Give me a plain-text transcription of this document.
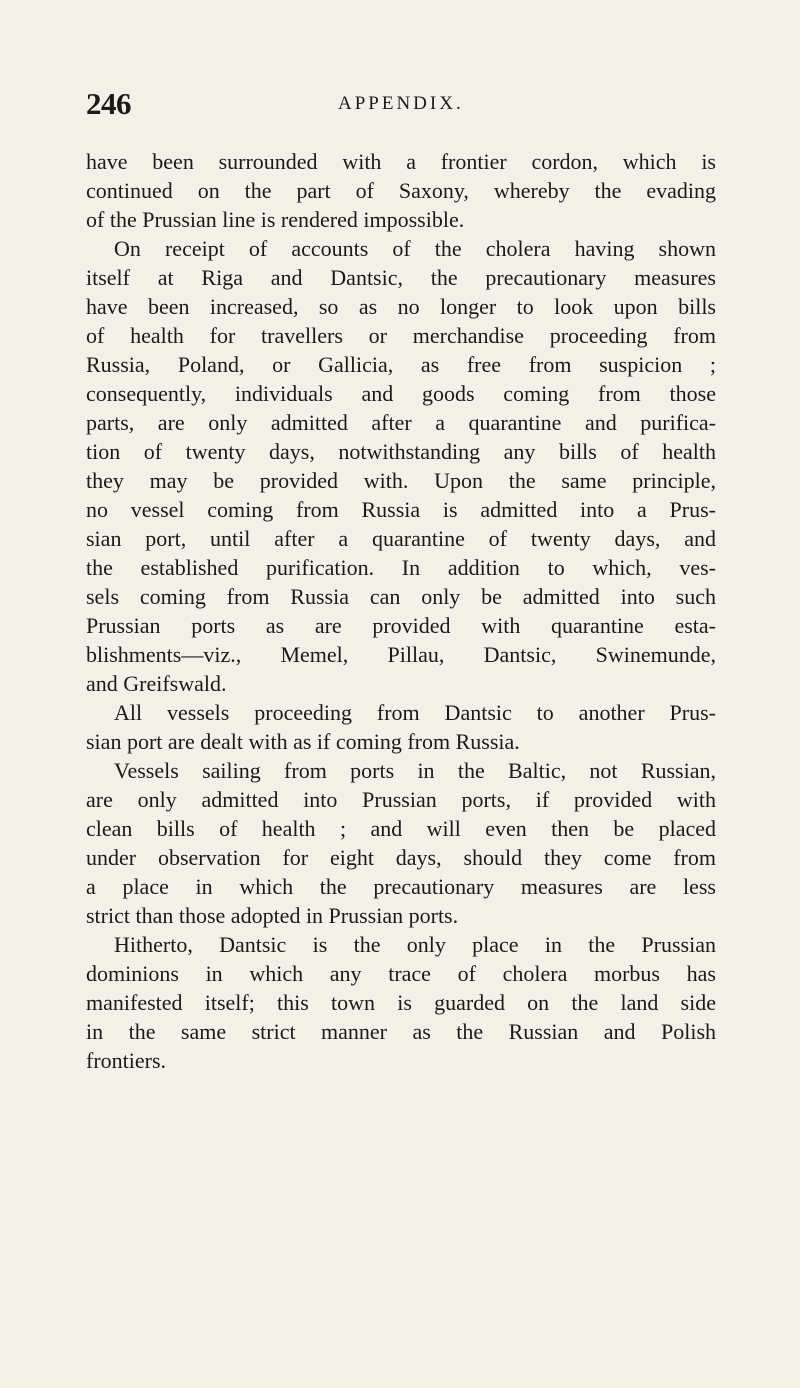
246	APPENDIX.
have been surrounded with a frontier cordon, which is
continued on the part of Saxony, whereby the evading
of the Prussian line is rendered impossible.
On receipt of accounts of the cholera having shown
itself at Riga and Dantsic, the precautionary measures
have been increased, so as no longer to look upon bills
of health for travellers or merchandise proceeding from
Russia, Poland, or Gallicia, as free from suspicion ;
consequently, individuals and goods coming from those
parts, are only admitted after a quarantine and purifica-
tion of twenty days, notwithstanding any bills of health
they may be provided with. Upon the same principle,
no vessel coming from Russia is admitted into a Prus-
sian port, until after a quarantine of twenty days, and
the established purification. In addition to which, ves-
sels coming from Russia can only be admitted into such
Prussian ports as are provided with quarantine esta-
blishments—viz., Memel, Pillau, Dantsic, Swinemunde,
and Greifswald.
All vessels proceeding from Dantsic to another Prus-
sian port are dealt with as if coming from Russia.
Vessels sailing from ports in the Baltic, not Russian,
are only admitted into Prussian ports, if provided with
clean bills of health ; and will even then be placed
under observation for eight days, should they come from
a place in which the precautionary measures are less
strict than those adopted in Prussian ports.
Hitherto, Dantsic is the only place in the Prussian
dominions in which any trace of cholera morbus has
manifested itself; this town is guarded on the land side
in the same strict manner as the Russian and Polish
frontiers.
